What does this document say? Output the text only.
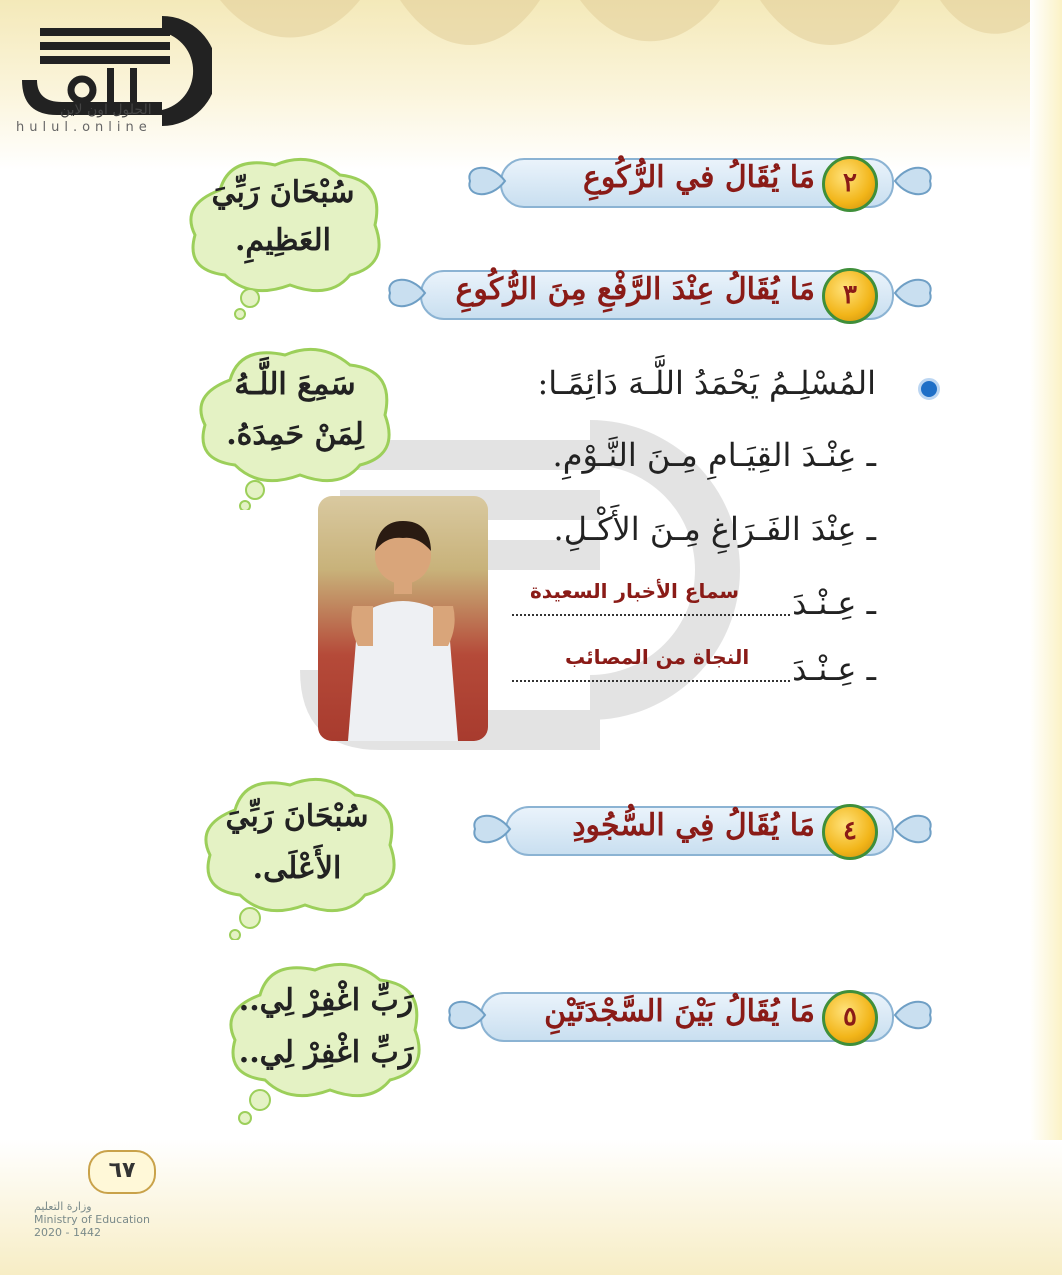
الحلول اون لاين
hulul.online
سُبْحَانَ رَبِّيَ
العَظِيمِ.
٢
مَا يُقَالُ في الرُّكُوعِ
٣
مَا يُقَالُ عِنْدَ الرَّفْعِ مِنَ الرُّكُوعِ
سَمِعَ اللَّـهُ
لِمَنْ حَمِدَهُ.
المُسْلِـمُ يَحْمَدُ اللَّـهَ دَائِمًـا:
ـ عِنْـدَ القِيَـامِ مِـنَ النَّـوْمِ.
ـ عِنْدَ الفَـرَاغِ مِـنَ الأَكْـلِ.
ـ عِـنْـدَ
سماع الأخبار السعيدة
ـ عِـنْـدَ
النجاة من المصائب
سُبْحَانَ رَبِّيَ
الأَعْلَى.
٤
مَا يُقَالُ فِي السُّجُودِ
رَبِّ اغْفِرْ لِي..
رَبِّ اغْفِرْ لِي..
٥
مَا يُقَالُ بَيْنَ السَّجْدَتَيْنِ
٦٧
وزارة التعليم
Ministry of Education
2020 - 1442
